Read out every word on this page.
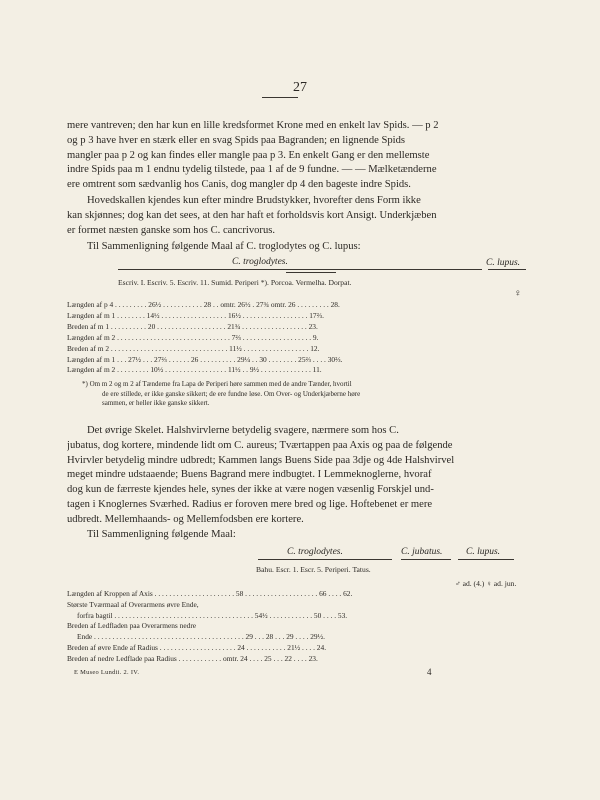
27
mere vantreven; den har kun en lille kredsformet Krone med en enkelt lav Spids. — p 2
og p 3 have hver en stærk eller en svag Spids paa Bagranden; en lignende Spids
mangler paa p 2 og kan findes eller mangle paa p 3. En enkelt Gang er den mellemste
indre Spids paa m 1 endnu tydelig tilstede, paa 1 af de 9 fundne. — — Mælketænderne
ere omtrent som sædvanlig hos Canis, dog mangler dp 4 den bageste indre Spids.
Hovedskallen kjendes kun efter mindre Brudstykker, hvorefter dens Form ikke
kan skjønnes; dog kan det sees, at den har haft et forholdsvis kort Ansigt. Underkjæben
er formet næsten ganske som hos C. cancrivorus.
Til Sammenligning følgende Maal af C. troglodytes og C. lupus:
C. troglodytes.	C. lupus.
Escriv. I. Escriv. 5. Escriv. 11. Sumid. Periperi *). Porcoa. Vermelha. Dorpat.
♀
Længden af p 4 . . . . . . . . . 26½ . . . . . . . . . . . 28 . . omtr. 26½ . 27¾ omtr. 26 . . . . . . . . . 28.
Længden af m 1 . . . . . . . . 14½ . . . . . . . . . . . . . . . . . . 16½ . . . . . . . . . . . . . . . . . . 17⅔.
Breden af m 1 . . . . . . . . . . 20 . . . . . . . . . . . . . . . . . . . 21¾ . . . . . . . . . . . . . . . . . . 23.
Længden af m 2 . . . . . . . . . . . . . . . . . . . . . . . . . . . . . . . 7⅔ . . . . . . . . . . . . . . . . . . . 9.
Breden af m 2 . . . . . . . . . . . . . . . . . . . . . . . . . . . . . . . . 11½ . . . . . . . . . . . . . . . . . . 12.
Længden af m 1 . . . 27½ . . . 27⅔ . . . . . . 26 . . . . . . . . . . 29¼ . . 30 . . . . . . . . 25⅔ . . . . 30⅔.
Længden af m 2 . . . . . . . . . 10½ . . . . . . . . . . . . . . . . . 11½ . . 9½ . . . . . . . . . . . . . . 11.
*) Om m 2 og m 2 af Tænderne fra Lapa de Periperi høre sammen med de andre Tænder, hvortil
de ere stillede, er ikke ganske sikkert; de ere fundne løse. Om Over- og Underkjæberne høre
sammen, er heller ikke ganske sikkert.
Det øvrige Skelet. Halshvirvlerne betydelig svagere, nærmere som hos C.
jubatus, dog kortere, mindende lidt om C. aureus; Tværtappen paa Axis og paa de følgende
Hvirvler betydelig mindre udbredt; Kammen langs Buens Side paa 3dje og 4de Halshvirvel
meget mindre udstaaende; Buens Bagrand mere indbugtet. I Lemmeknoglerne, hvoraf
dog kun de færreste kjendes hele, synes der ikke at være nogen væsenlig Forskjel und-
tagen i Knoglernes Sværhed. Radius er foroven mere bred og lige. Hoftebenet er mere
udbredt. Mellemhaands- og Mellemfodsben ere kortere.
Til Sammenligning følgende Maal:
C. troglodytes.	C. jubatus. C. lupus.
Bahu. Escr. 1. Escr. 5. Periperi. Tatus.
♂ ad. (4.) ♀ ad. jun.
Længden af Kroppen af Axis . . . . . . . . . . . . . . . . . . . . . . 58 . . . . . . . . . . . . . . . . . . . . 66 . . . . 62.
Største Tværmaal af Overarmens øvre Ende,
forfra bagtil . . . . . . . . . . . . . . . . . . . . . . . . . . . . . . . . . . . . . . 54½ . . . . . . . . . . . . 50 . . . . 53.
Breden af Ledfladen paa Overarmens nedre
Ende . . . . . . . . . . . . . . . . . . . . . . . . . . . . . . . . . . . . . . . . . 29 . . . 28 . . . 29 . . . . 29½.
Breden af øvre Ende af Radius . . . . . . . . . . . . . . . . . . . . . 24 . . . . . . . . . . . 21½ . . . . 24.
Breden af nedre Ledflade paa Radius . . . . . . . . . . . . omtr. 24 . . . . 25 . . . 22 . . . . 23.
E Museo Lundii. 2. IV.	4
